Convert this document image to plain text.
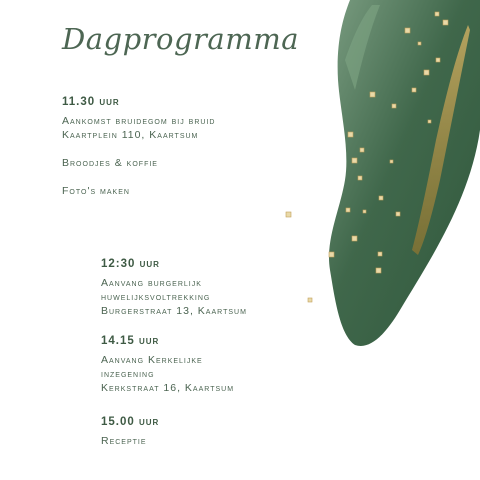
Dagprogramma
11.30 uur
Aankomst bruidegom bij bruid
Kaartplein 110, Kaartsum
Broodjes & koffie
Foto's maken
12:30 uur
Aanvang burgerlijk
huwelijksvoltrekking
Burgerstraat 13, Kaartsum
14.15 uur
Aanvang Kerkelijke
inzegening
Kerkstraat 16, Kaartsum
15.00 uur
Receptie
